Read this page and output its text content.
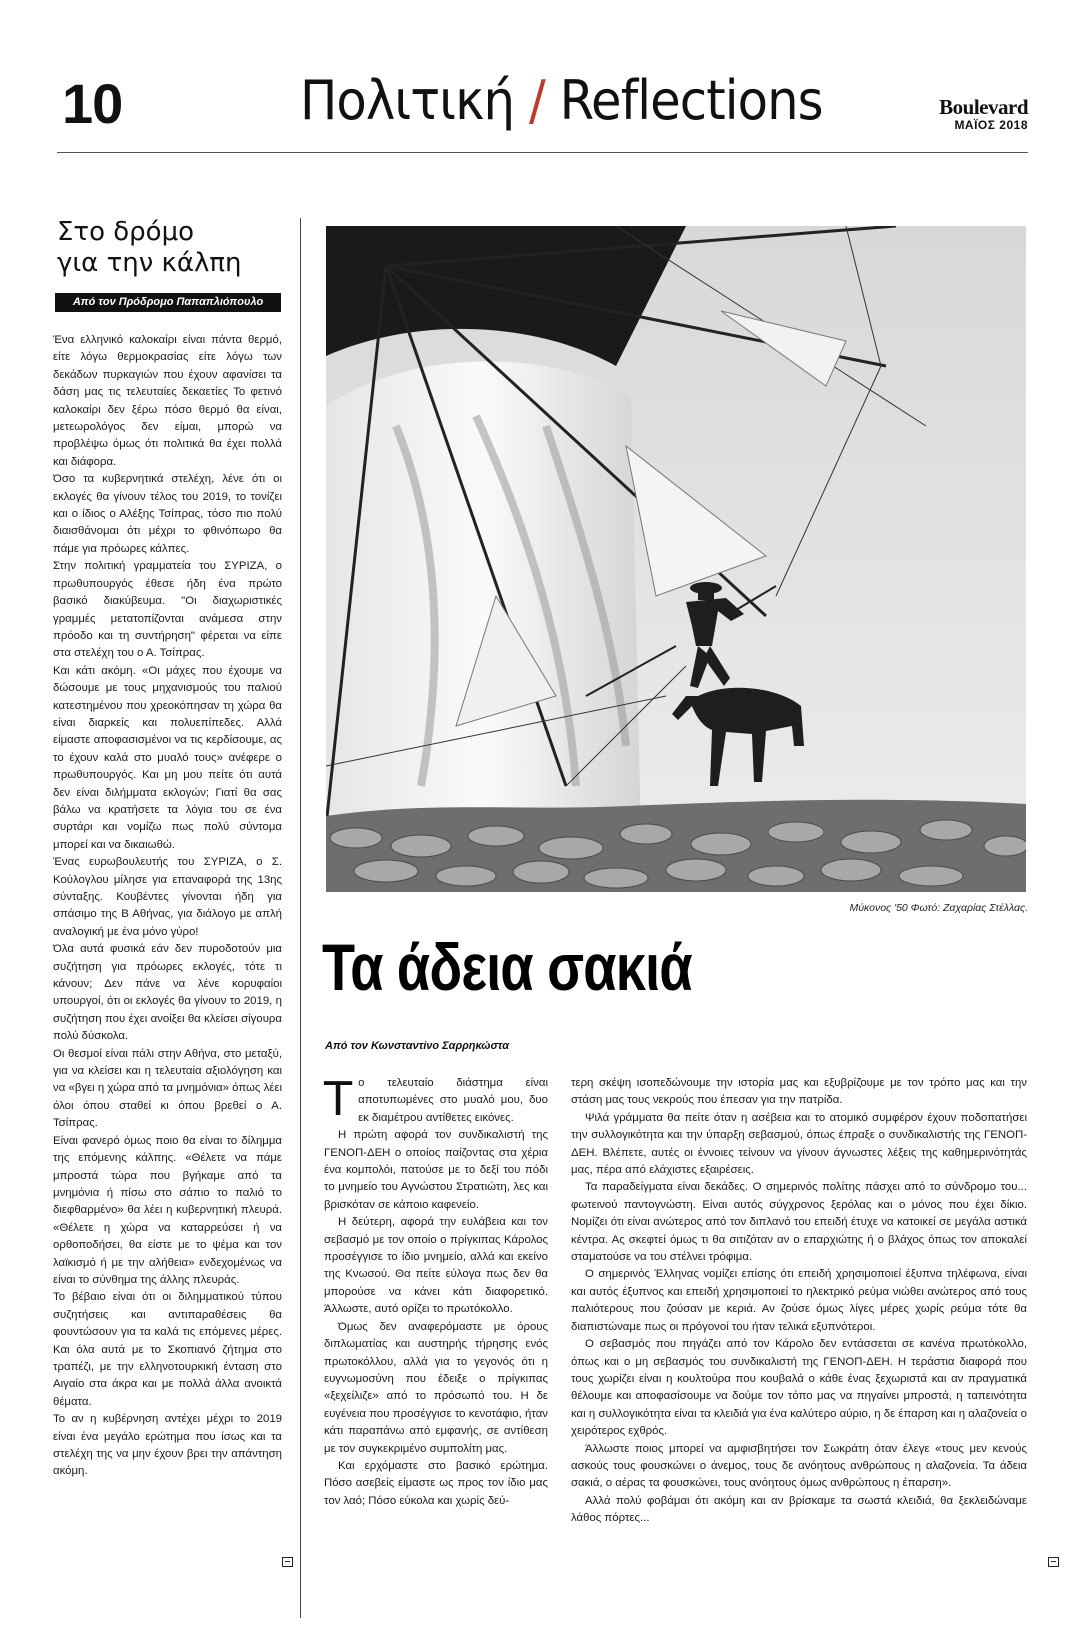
10	Πολιτική / Reflections	Boulevard
ΜΑΪΟΣ 2018
Στο δρόμο
για την κάλπη
Από τον Πρόδρομο Παπαπλιόπουλο

Ένα ελληνικό καλοκαίρι είναι πάντα θερμό, είτε λόγω θερμοκρασίας είτε λόγω των δεκάδων πυρκαγιών που έχουν αφανίσει τα δάση μας τις τελευταίες δεκαετίες Το φετινό καλοκαίρι δεν ξέρω πόσο θερμό θα είναι, μετεωρολόγος δεν είμαι, μπορώ να προβλέψω όμως ότι πολιτικά θα έχει πολλά και διάφορα.

Όσο τα κυβερνητικά στελέχη, λένε ότι οι εκλογές θα γίνουν τέλος του 2019, το τονίζει και ο ίδιος ο Αλέξης Τσίπρας, τόσο πιο πολύ διαισθάνομαι ότι μέχρι το φθινόπωρο θα πάμε για πρόωρες κάλπες.

Στην πολιτική γραμματεία του ΣΥΡΙΖΑ, ο πρωθυπουργός έθεσε ήδη ένα πρώτο βασικό διακύβευμα. "Οι διαχωριστικές γραμμές μετατοπίζονται ανάμεσα στην πρόοδο και τη συντήρηση" φέρεται να είπε στα στελέχη του ο Α. Τσίπρας.

Και κάτι ακόμη. «Οι μάχες που έχουμε να δώσουμε με τους μηχανισμούς του παλιού κατεστημένου που χρεοκόπησαν τη χώρα θα είναι διαρκείς και πολυεπίπεδες. Αλλά είμαστε αποφασισμένοι να τις κερδίσουμε, ας το έχουν καλά στο μυαλό τους» ανέφερε ο πρωθυπουργός. Και μη μου πείτε ότι αυτά δεν είναι διλήμματα εκλογών; Γιατί θα σας βάλω να κρατήσετε τα λόγια του σε ένα συρτάρι και νομίζω πως πολύ σύντομα μπορεί και να δικαιωθώ.

Ένας ευρωβουλευτής του ΣΥΡΙΖΑ, ο Σ. Κούλογλου μίλησε για επαναφορά της 13ης σύνταξης. Κουβέντες γίνονται ήδη για σπάσιμο της Β Αθήνας, για διάλογο με απλή αναλογική με ένα μόνο γύρο!

Όλα αυτά φυσικά εάν δεν πυροδοτούν μια συζήτηση για πρόωρες εκλογές, τότε τι κάνουν; Δεν πάνε να λένε κορυφαίοι υπουργοί, ότι οι εκλογές θα γίνουν το 2019, η συζήτηση που έχει ανοίξει θα κλείσει σίγουρα πολύ δύσκολα.

Οι θεσμοί είναι πάλι στην Αθήνα, στο μεταξύ, για να κλείσει και η τελευταία αξιολόγηση και να «βγει η χώρα από τα μνημόνια» όπως λέει όλοι όπου σταθεί κι όπου βρεθεί ο Α. Τσίπρας.

Είναι φανερό όμως ποιο θα είναι το δίλημμα της επόμενης κάλπης. «Θέλετε να πάμε μπροστά τώρα που βγήκαμε από τα μνημόνια ή πίσω στο σάπιο το παλιό το διεφθαρμένο» θα λέει η κυβερνητική πλευρά. «Θέλετε η χώρα να καταρρεύσει ή να ορθοποδήσει, θα είστε με το ψέμα και τον λαϊκισμό ή με την αλήθεια» ενδεχομένως να είναι το σύνθημα της άλλης πλευράς.

Το βέβαιο είναι ότι οι διλημματικού τύπου συζητήσεις και αντιπαραθέσεις θα φουντώσουν για τα καλά τις επόμενες μέρες. Και όλα αυτά με το Σκοπιανό ζήτημα στο τραπέζι, με την ελληνοτουρκική ένταση στο Αιγαίο στα άκρα και με πολλά άλλα ανοικτά θέματα.

Το αν η κυβέρνηση αντέχει μέχρι το 2019 είναι ένα μεγάλο ερώτημα που ίσως και τα στελέχη της να μην έχουν βρει την απάντηση ακόμη.

Μύκονος '50 Φωτό: Ζαχαρίας Στέλλας.
Τα άδεια σακιά
Από τον Κωνσταντίνο Σαρρηκώστα

Το τελευταίο διάστημα είναι αποτυπωμένες στο μυαλό μου, δυο εκ διαμέτρου αντίθετες εικόνες.

Η πρώτη αφορά τον συνδικαλιστή της ΓΕΝΟΠ-ΔΕΗ ο οποίος παίζοντας στα χέρια ένα κομπολόι, πατούσε με το δεξί του πόδι το μνημείο του Αγνώστου Στρατιώτη, λες και βρισκόταν σε κάποιο καφενείο.

Η δεύτερη, αφορά την ευλάβεια και τον σεβασμό με τον οποίο ο πρίγκιπας Κάρολος προσέγγισε το ίδιο μνημείο, αλλά και εκείνο της Κνωσού. Θα πείτε εύλογα πως δεν θα μπορούσε να κάνει κάτι διαφορετικό. Άλλωστε, αυτό ορίζει το πρωτόκολλο.

Όμως δεν αναφερόμαστε με όρους διπλωματίας και αυστηρής τήρησης ενός πρωτοκόλλου, αλλά για το γεγονός ότι η ευγνωμοσύνη που έδειξε ο πρίγκιπας «ξεχείλιζε» από το πρόσωπό του. Η δε ευγένεια που προσέγγισε το κενοτάφιο, ήταν κάτι παραπάνω από εμφανής, σε αντίθεση με τον συγκεκριμένο συμπολίτη μας.

Και ερχόμαστε στο βασικό ερώτημα. Πόσο ασεβείς είμαστε ως προς τον ίδιο μας τον λαό; Πόσο εύκολα και χωρίς δεύ-

τερη σκέψη ισοπεδώνουμε την ιστορία μας και εξυβρίζουμε με τον τρόπο μας και την στάση μας τους νεκρούς που έπεσαν για την πατρίδα.

Ψιλά γράμματα θα πείτε όταν η ασέβεια και το ατομικό συμφέρον έχουν ποδοπατήσει την συλλογικότητα και την ύπαρξη σεβασμού, όπως έπραξε ο συνδικαλιστής της ΓΕΝΟΠ-ΔΕΗ. Βλέπετε, αυτές οι έννοιες τείνουν να γίνουν άγνωστες λέξεις της καθημερινότητάς μας, πέρα από ελάχιστες εξαιρέσεις.

Τα παραδείγματα είναι δεκάδες. Ο σημερινός πολίτης πάσχει από το σύνδρομο του... φωτεινού παντογνώστη. Είναι αυτός σύγχρονος ξερόλας και ο μόνος που έχει δίκιο. Νομίζει ότι είναι ανώτερος από τον διπλανό του επειδή έτυχε να κατοικεί σε μεγάλα αστικά κέντρα. Ας σκεφτεί όμως τι θα σιτιζόταν αν ο επαρχιώτης ή ο βλάχος όπως τον αποκαλεί σταματούσε να του στέλνει τρόφιμα.

Ο σημερινός Έλληνας νομίζει επίσης ότι επειδή χρησιμοποιεί έξυπνα τηλέφωνα, είναι και αυτός έξυπνος και επειδή χρησιμοποιεί το ηλεκτρικό ρεύμα νιώθει ανώτερος από τους παλιότερους που ζούσαν με κεριά. Αν ζούσε όμως λίγες μέρες χωρίς ρεύμα τότε θα διαπιστώναμε πως οι πρόγονοί του ήταν τελικά εξυπνότεροι.

Ο σεβασμός που πηγάζει από τον Κάρολο δεν εντάσσεται σε κανένα πρωτόκολλο, όπως και ο μη σεβασμός του συνδικαλιστή της ΓΕΝΟΠ-ΔΕΗ. Η τεράστια διαφορά που τους χωρίζει είναι η κουλτούρα που κουβαλά ο κάθε ένας ξεχωριστά και αν πραγματικά θέλουμε και αποφασίσουμε να δούμε τον τόπο μας να πηγαίνει μπροστά, η ταπεινότητα και η συλλογικότητα είναι τα κλειδιά για ένα καλύτερο αύριο, η δε έπαρση και η αλαζονεία ο χειρότερος εχθρός.

Άλλωστε ποιος μπορεί να αμφισβητήσει τον Σωκράτη όταν έλεγε «τους μεν κενούς ασκούς τους φουσκώνει ο άνεμος, τους δε ανόητους ανθρώπους η αλαζονεία. Τα άδεια σακιά, ο αέρας τα φουσκώνει, τους ανόητους όμως ανθρώπους η έπαρση».

Αλλά πολύ φοβάμαι ότι ακόμη και αν βρίσκαμε τα σωστά κλειδιά, θα ξεκλειδώναμε λάθος πόρτες...
